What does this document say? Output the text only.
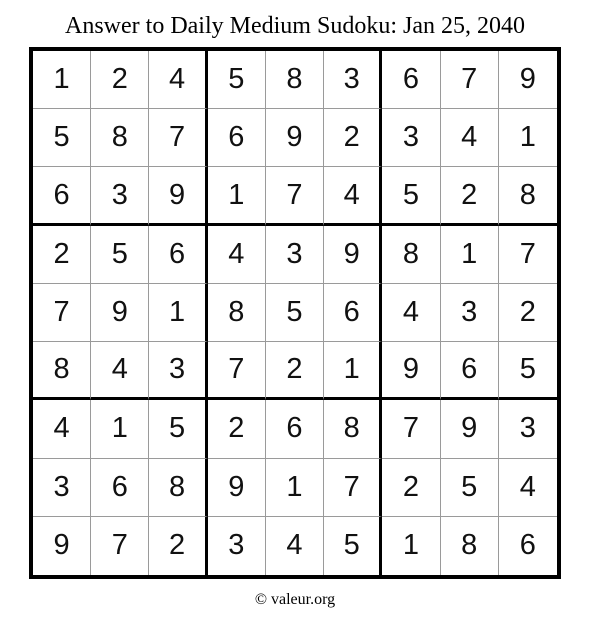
Answer to Daily Medium Sudoku: Jan 25, 2040
1	2	4	5	8	3	6	7	9
5	8	7	6	9	2	3	4	1
6	3	9	1	7	4	5	2	8
2	5	6	4	3	9	8	1	7
7	9	1	8	5	6	4	3	2
8	4	3	7	2	1	9	6	5
4	1	5	2	6	8	7	9	3
3	6	8	9	1	7	2	5	4
9	7	2	3	4	5	1	8	6
© valeur.org
